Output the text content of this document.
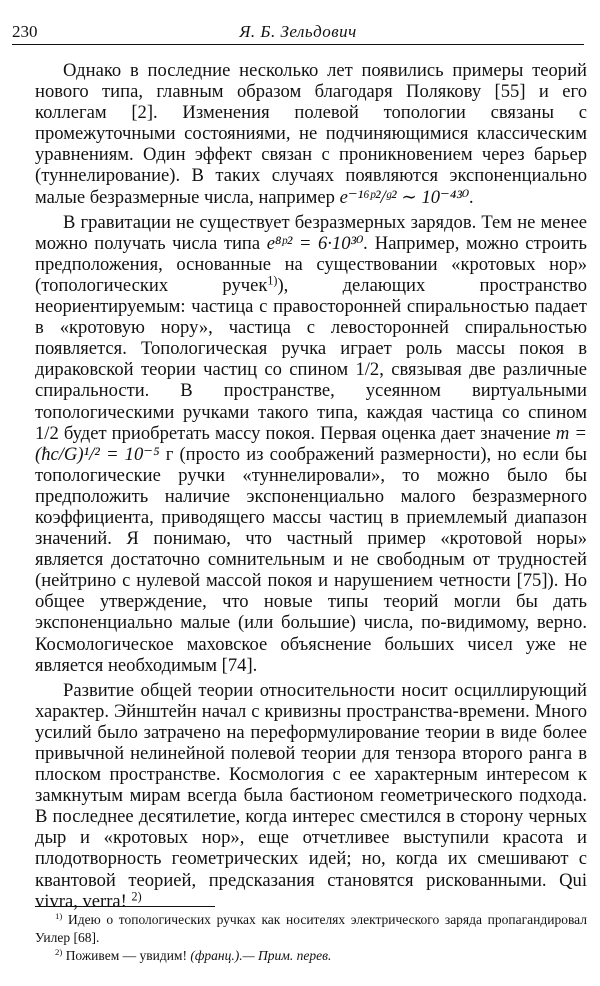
230	Я. Б. Зельдович

Однако в последние несколько лет появились примеры теорий нового типа, главным образом благодаря Полякову [55] и его коллегам [2]. Изменения полевой топологии связаны с промежуточными состояниями, не подчиняющимися классическим уравнениям. Один эффект связан с проникновением через барьер (туннелирование). В таких случаях появляются экспоненциально малые безразмерные числа, например e⁻¹⁶ᵖ²/ᵍ² ∼ 10⁻⁴³⁰.

В гравитации не существует безразмерных зарядов. Тем не менее можно получать числа типа e⁸ᵖ² = 6·10³⁰. Например, можно строить предположения, основанные на существовании «кротовых нор» (топологических ручек$^{1)}$), делающих пространство неориентируемым: частица с правосторонней спиральностью падает в «кротовую нору», частица с левосторонней спиральностью появляется. Топологическая ручка играет роль массы покоя в дираковской теории частиц со спином 1/2, связывая две различные спиральности. В пространстве, усеянном виртуальными топологическими ручками такого типа, каждая частица со спином 1/2 будет приобретать массу покоя. Первая оценка дает значение m = (ħc/G)¹/² = 10⁻⁵ г (просто из соображений размерности), но если бы топологические ручки «туннелировали», то можно было бы предположить наличие экспоненциально малого безразмерного коэффициента, приводящего массы частиц в приемлемый диапазон значений. Я понимаю, что частный пример «кротовой норы» является достаточно сомнительным и не свободным от трудностей (нейтрино с нулевой массой покоя и нарушением четности [75]). Но общее утверждение, что новые типы теорий могли бы дать экспоненциально малые (или большие) числа, по-видимому, верно. Космологическое маховское объяснение больших чисел уже не является необходимым [74].

Развитие общей теории относительности носит осциллирующий характер. Эйнштейн начал с кривизны пространства-времени. Много усилий было затрачено на переформулирование теории в виде более привычной нелинейной полевой теории для тензора второго ранга в плоском пространстве. Космология с ее характерным интересом к замкнутым мирам всегда была бастионом геометрического подхода. В последнее десятилетие, когда интерес сместился в сторону черных дыр и «кротовых нор», еще отчетливее выступили красота и плодотворность геометрических идей; но, когда их смешивают с квантовой теорией, предсказания становятся рискованными. Qui vivra, verra! $^{2)}$

$^{1)}$ Идею о топологических ручках как носителях электрического заряда пропагандировал Уилер [68].

$^{2)}$ Поживем — увидим! (франц.).— Прим. перев.
